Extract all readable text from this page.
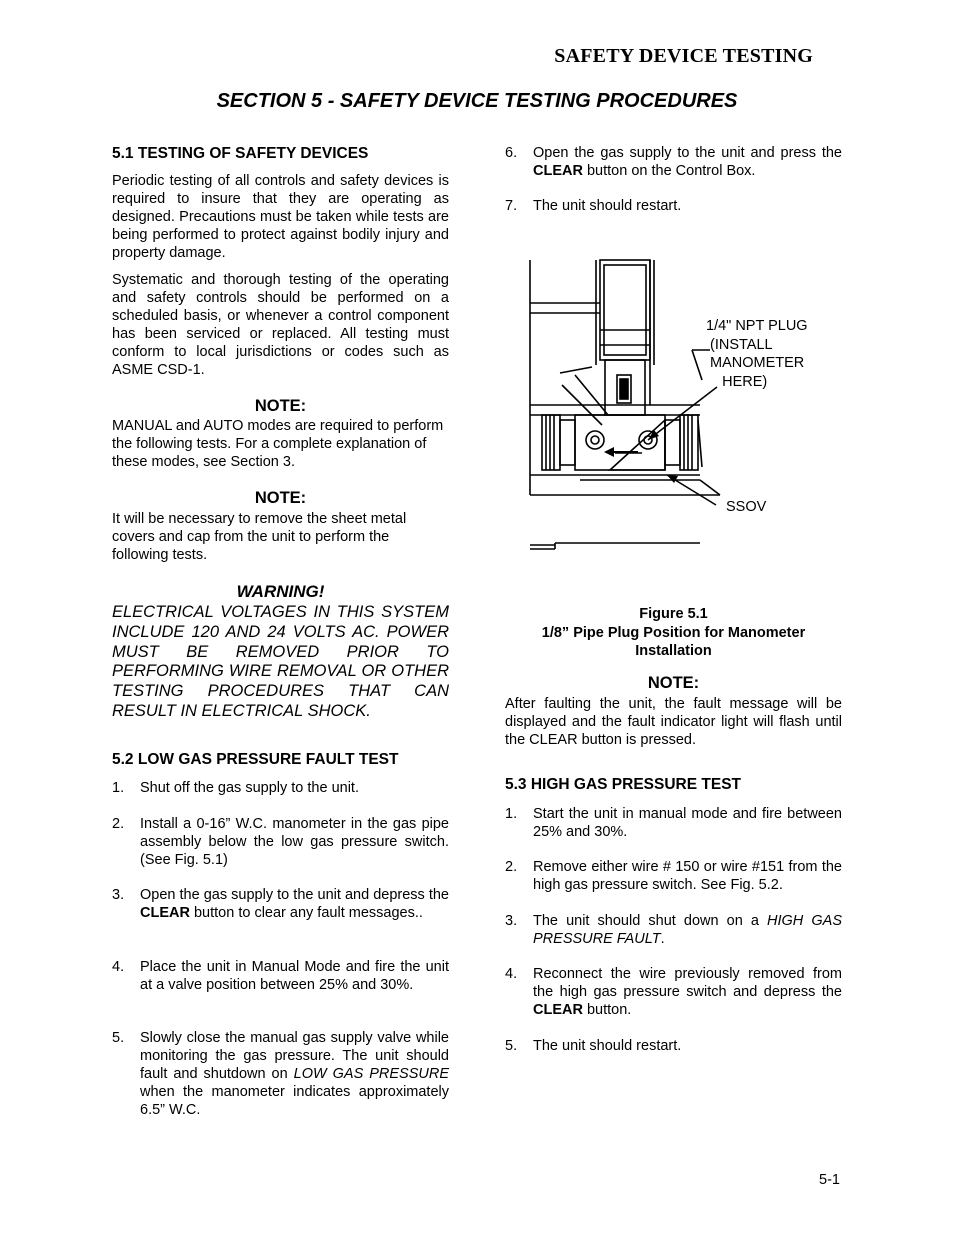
SAFETY DEVICE TESTING
SECTION 5 - SAFETY DEVICE TESTING PROCEDURES
5.1 TESTING OF SAFETY DEVICES

Periodic testing of all controls and safety devices is required to insure that they are operating as designed. Precautions must be taken while tests are being performed to protect against bodily injury and property damage.

Systematic and thorough testing of the operating and safety controls should be performed on a scheduled basis, or whenever a control component has been serviced or replaced. All testing must conform to local jurisdictions or codes such as ASME CSD-1.

NOTE:
MANUAL and AUTO modes are required to perform the following tests. For a complete explanation of these modes, see Section 3.
NOTE:
It will be necessary to remove the sheet metal covers and cap from the unit to perform the following tests.
WARNING!
ELECTRICAL VOLTAGES IN THIS SYSTEM INCLUDE 120 AND 24 VOLTS AC. POWER MUST BE REMOVED PRIOR TO PERFORMING WIRE REMOVAL OR OTHER TESTING PROCEDURES THAT CAN RESULT IN ELECTRICAL SHOCK.
5.2 LOW GAS PRESSURE FAULT TEST
1. Shut off the gas supply to the unit.
2. Install a 0-16” W.C. manometer in the gas pipe assembly below the low gas pressure switch. (See Fig. 5.1)
3. Open the gas supply to the unit and depress the CLEAR button to clear any fault messages..
4. Place the unit in Manual Mode and fire the unit at a valve position between 25% and 30%.
5. Slowly close the manual gas supply valve while monitoring the gas pressure. The unit should fault and shutdown on LOW GAS PRESSURE when the manometer indicates approximately 6.5” W.C.
6. Open the gas supply to the unit and press the CLEAR button on the Control Box.
7. The unit should restart.
1/4" NPT PLUG
(INSTALL
MANOMETER
HERE)
SSOV
Figure 5.1
1/8” Pipe Plug Position for Manometer
Installation
NOTE:

After faulting the unit, the fault message will be displayed and the fault indicator light will flash until the CLEAR button is pressed.

5.3 HIGH GAS PRESSURE TEST
1. Start the unit in manual mode and fire between 25% and 30%.
2. Remove either wire # 150 or wire #151 from the high gas pressure switch. See Fig. 5.2.
3. The unit should shut down on a HIGH GAS PRESSURE FAULT.
4. Reconnect the wire previously removed from the high gas pressure switch and depress the CLEAR button.
5. The unit should restart.
5-1
